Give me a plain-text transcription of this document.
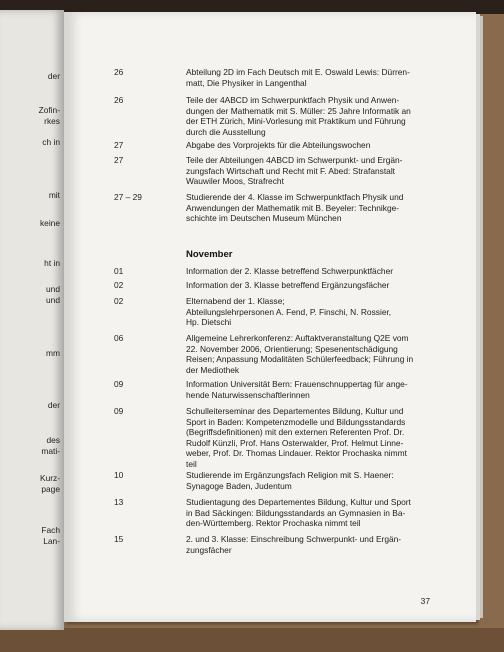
der
Zofin-
rkes
ch in
mit
keine
ht in
und
und
mm
der
des
mati-
Kurz-
page
Fach
Lan-
26	Abteilung 2D im Fach Deutsch mit E. Oswald Lewis: Dürren-
matt, Die Physiker in Langenthal
26	Teile der 4ABCD im Schwerpunktfach Physik und Anwen-
dungen der Mathematik mit S. Müller: 25 Jahre Informatik an
der ETH Zürich, Mini-Vorlesung mit Praktikum und Führung
durch die Ausstellung
27	Abgabe des Vorprojekts für die Abteilungswochen
27	Teile der Abteilungen 4ABCD im Schwerpunkt- und Ergän-
zungsfach Wirtschaft und Recht mit F. Abed: Strafanstalt
Wauwiler Moos, Strafrecht
27 – 29	Studierende der 4. Klasse im Schwerpunktfach Physik und
Anwendungen der Mathematik mit B. Beyeler: Technikge-
schichte im Deutschen Museum München
November
01	Information der 2. Klasse betreffend Schwerpunktfächer
02	Information der 3. Klasse betreffend Ergänzungsfächer
02	Elternabend der 1. Klasse;
Abteilungslehrpersonen A. Fend, P. Finschi, N. Rossier,
Hp. Dietschi
06	Allgemeine Lehrerkonferenz: Auftaktveranstaltung Q2E vom
22. November 2006, Orientierung; Spesenentschädigung
Reisen; Anpassung Modalitäten Schülerfeedback; Führung in
der Mediothek
09	Information Universität Bern: Frauenschnuppertag für ange-
hende Naturwissenschaftlerinnen
09	Schulleiterseminar des Departementes Bildung, Kultur und
Sport in Baden: Kompetenzmodelle und Bildungsstandards
(Begriffsdefinitionen) mit den externen Referenten Prof. Dr.
Rudolf Künzli, Prof. Hans Osterwalder, Prof. Helmut Linne-
weber, Prof. Dr. Thomas Lindauer. Rektor Prochaska nimmt
teil
10	Studierende im Ergänzungsfach Religion mit S. Haener:
Synagoge Baden, Judentum
13	Studientagung des Departementes Bildung, Kultur und Sport
in Bad Säckingen: Bildungsstandards an Gymnasien in Ba-
den-Württemberg. Rektor Prochaska nimmt teil
15	2. und 3. Klasse: Einschreibung Schwerpunkt- und Ergän-
zungsfächer
37
